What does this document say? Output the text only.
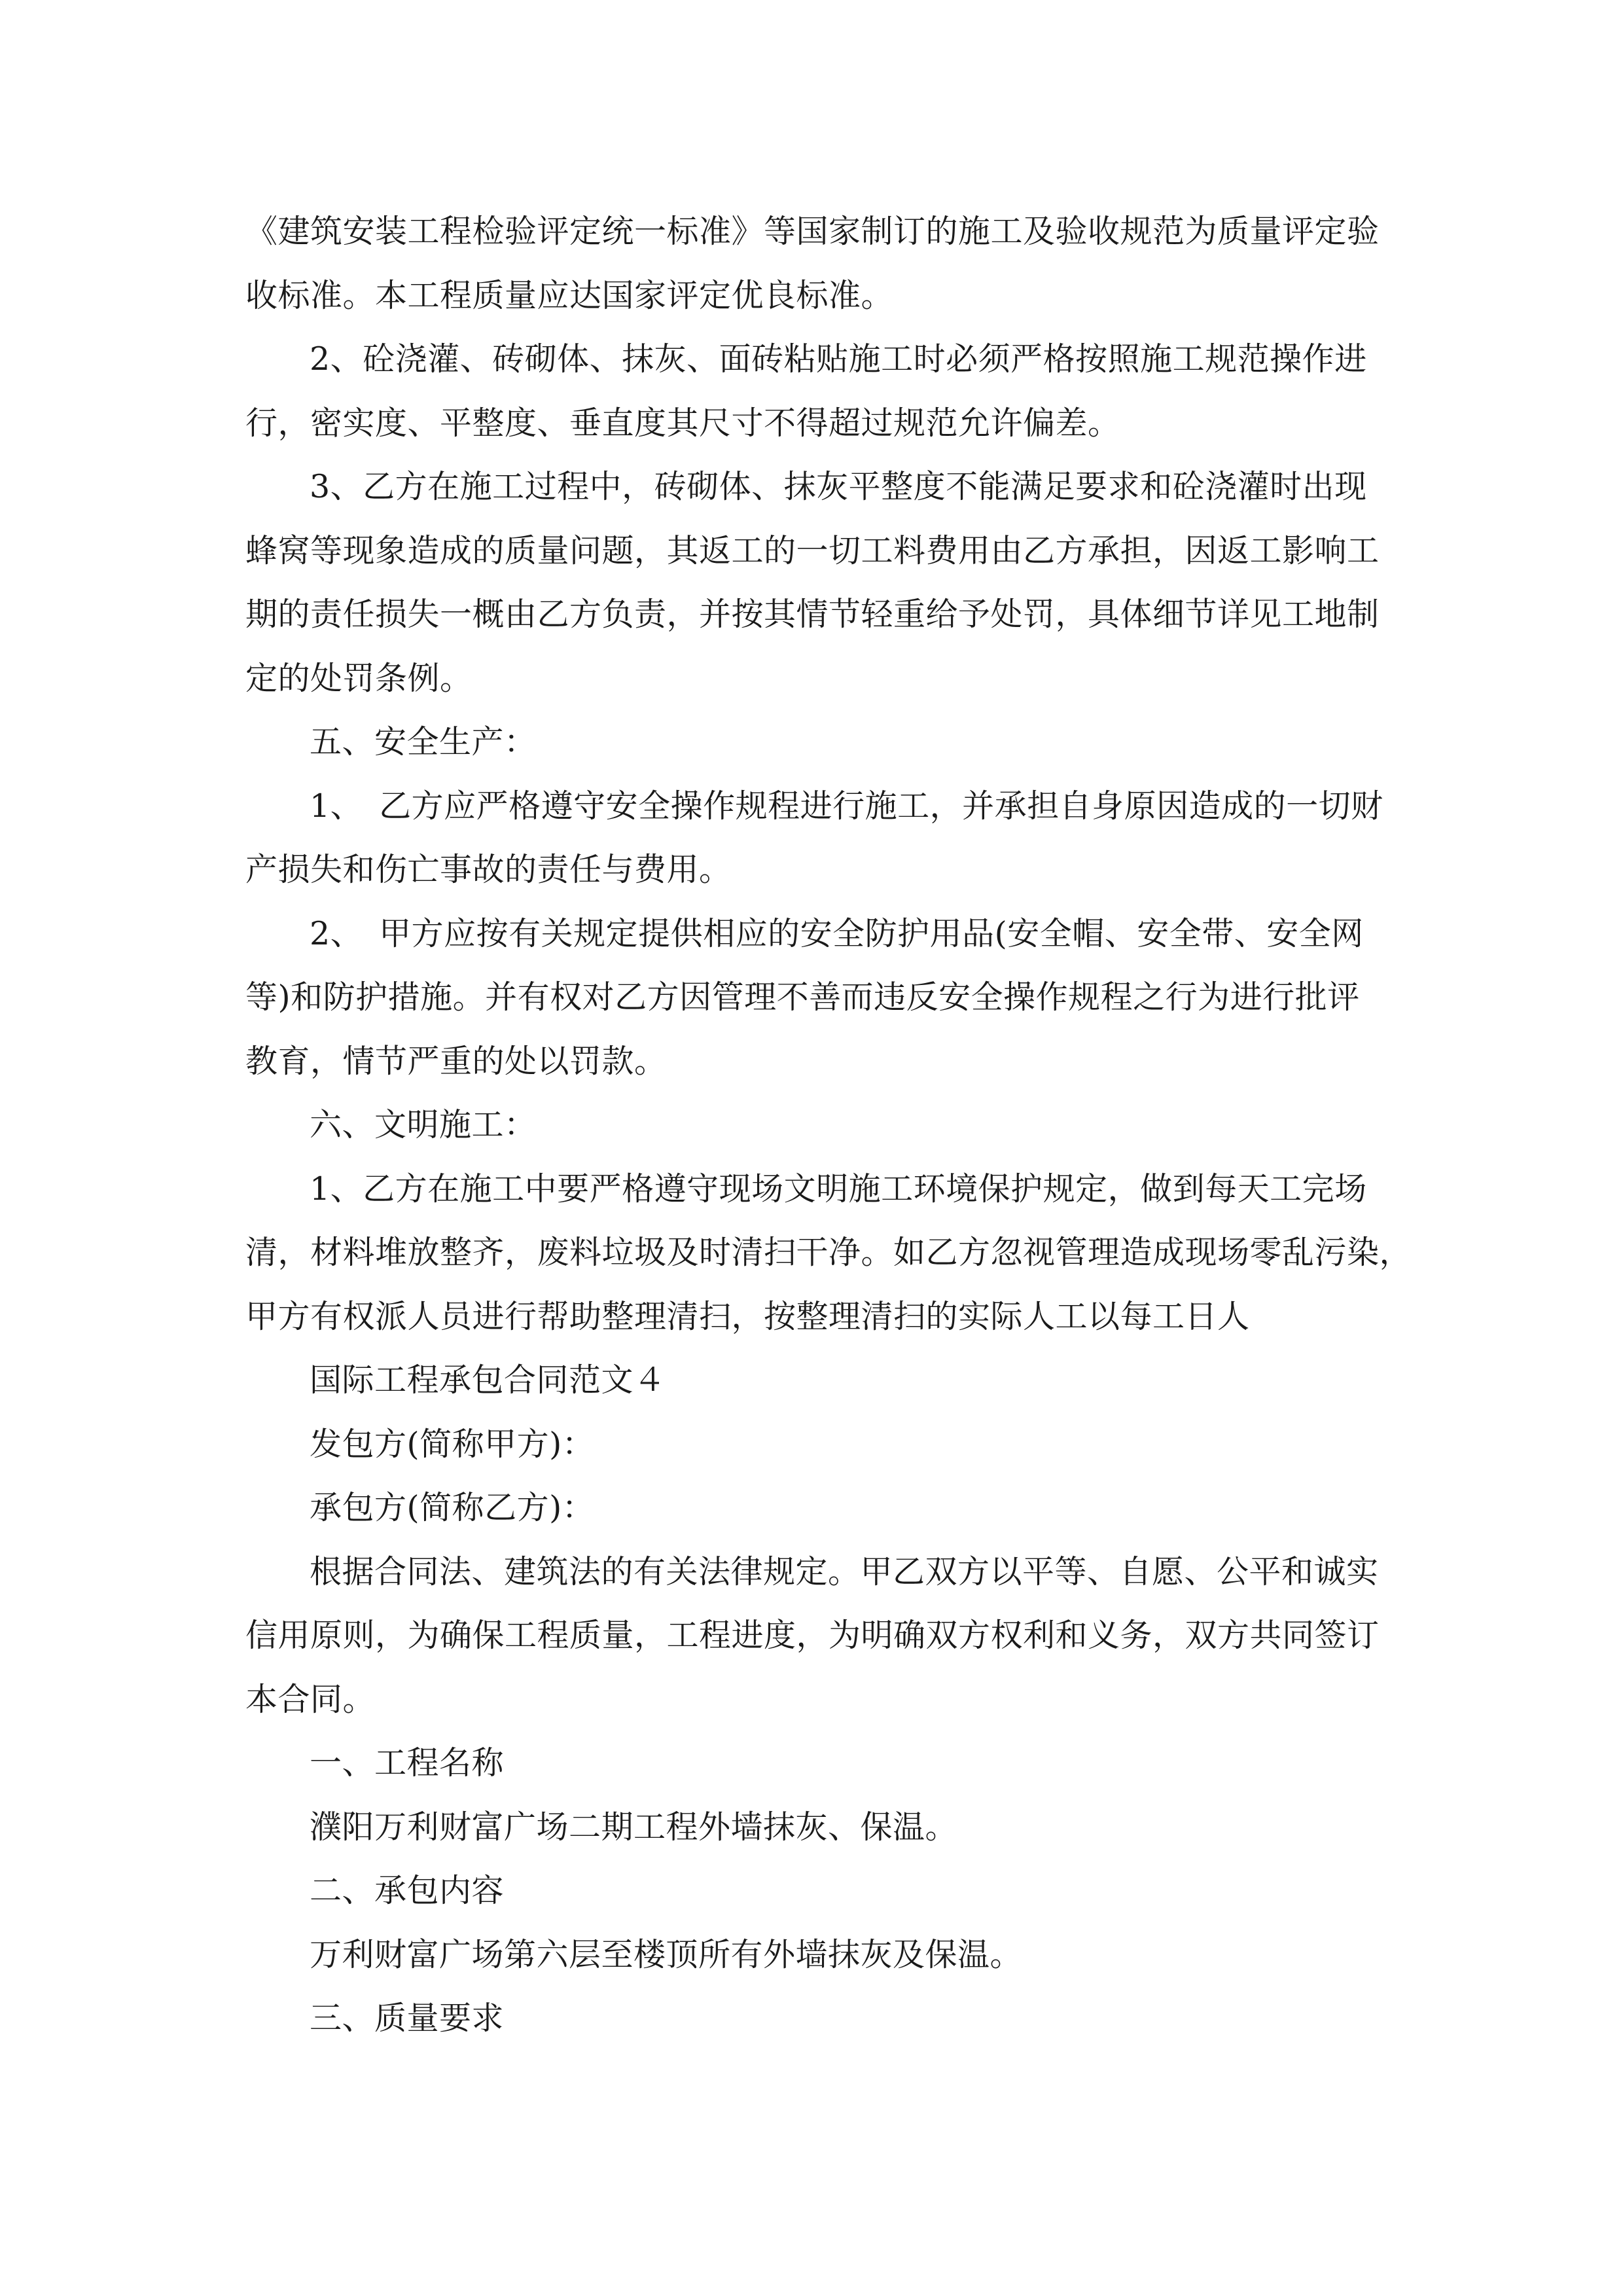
《建筑安装工程检验评定统一标准》等国家制订的施工及验收规范为质量评定验
收标准。本工程质量应达国家评定优良标准。
2、砼浇灌、砖砌体、抹灰、面砖粘贴施工时必须严格按照施工规范操作进
行，密实度、平整度、垂直度其尺寸不得超过规范允许偏差。
3、乙方在施工过程中，砖砌体、抹灰平整度不能满足要求和砼浇灌时出现
蜂窝等现象造成的质量问题，其返工的一切工料费用由乙方承担，因返工影响工
期的责任损失一概由乙方负责，并按其情节轻重给予处罚，具体细节详见工地制
定的处罚条例。
五、安全生产：
1、　乙方应严格遵守安全操作规程进行施工，并承担自身原因造成的一切财
产损失和伤亡事故的责任与费用。
2、　甲方应按有关规定提供相应的安全防护用品(安全帽、安全带、安全网
等)和防护措施。并有权对乙方因管理不善而违反安全操作规程之行为进行批评
教育，情节严重的处以罚款。
六、文明施工：
1、乙方在施工中要严格遵守现场文明施工环境保护规定，做到每天工完场
清，材料堆放整齐，废料垃圾及时清扫干净。如乙方忽视管理造成现场零乱污染，
甲方有权派人员进行帮助整理清扫，按整理清扫的实际人工以每工日人
国际工程承包合同范文４
发包方(简称甲方)：
承包方(简称乙方)：
根据合同法、建筑法的有关法律规定。甲乙双方以平等、自愿、公平和诚实
信用原则，为确保工程质量，工程进度，为明确双方权利和义务，双方共同签订
本合同。
一、工程名称
濮阳万利财富广场二期工程外墙抹灰、保温。
二、承包内容
万利财富广场第六层至楼顶所有外墙抹灰及保温。
三、质量要求
